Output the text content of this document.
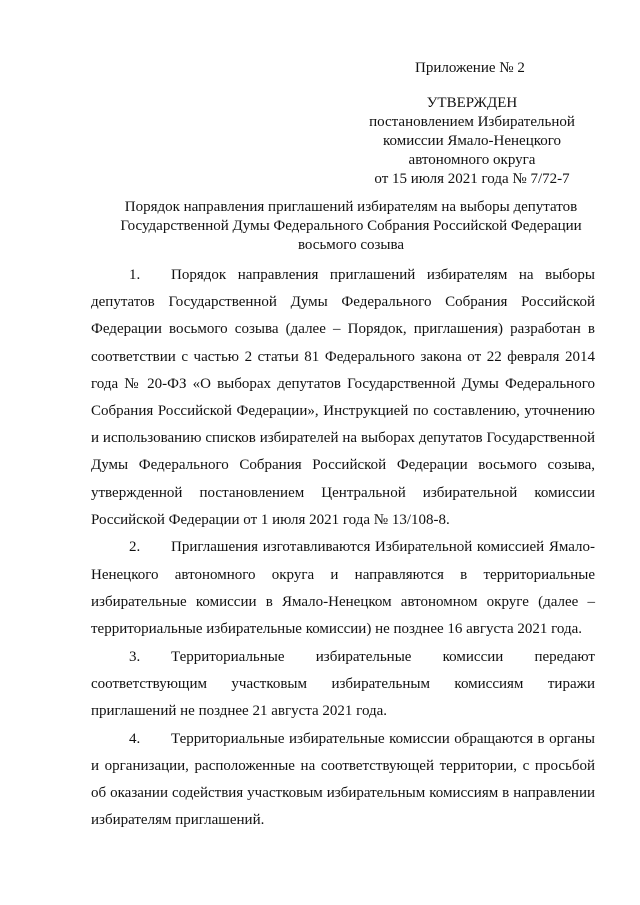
Приложение № 2
УТВЕРЖДЕН
постановлением Избирательной
комиссии Ямало-Ненецкого
автономного округа
от 15 июля 2021 года № 7/72-7
Порядок направления приглашений избирателям на выборы депутатов
Государственной Думы Федерального Собрания Российской Федерации
восьмого созыва

1. Порядок направления приглашений избирателям на выборы депутатов Государственной Думы Федерального Собрания Российской Федерации восьмого созыва (далее – Порядок, приглашения) разработан в соответствии с частью 2 статьи 81 Федерального закона от 22 февраля 2014 года № 20-ФЗ «О выборах депутатов Государственной Думы Федерального Собрания Российской Федерации», Инструкцией по составлению, уточнению и использованию списков избирателей на выборах депутатов Государственной Думы Федерального Собрания Российской Федерации восьмого созыва, утвержденной постановлением Центральной избирательной комиссии Российской Федерации от 1 июля 2021 года № 13/108-8.

2. Приглашения изготавливаются Избирательной комиссией Ямало-Ненецкого автономного округа и направляются в территориальные избирательные комиссии в Ямало-Ненецком автономном округе (далее – территориальные избирательные комиссии) не позднее 16 августа 2021 года.

3. Территориальные избирательные комиссии передают соответствующим участковым избирательным комиссиям тиражи приглашений не позднее 21 августа 2021 года.

4. Территориальные избирательные комиссии обращаются в органы и организации, расположенные на соответствующей территории, с просьбой об оказании содействия участковым избирательным комиссиям в направлении избирателям приглашений.
